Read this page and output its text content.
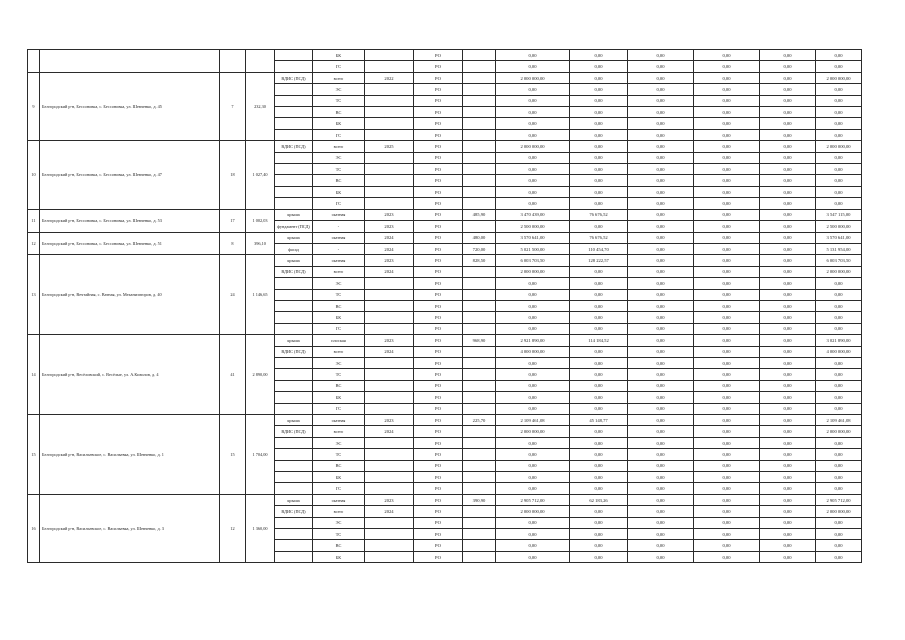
					БК		РО		0,00	0,00	0,00	0,00	0,00	0,00
					ГС		РО		0,00	0,00	0,00	0,00	0,00	0,00
9	Белгородский р-н, Бессоновка, с. Бессоновка, ул. Шевченко, д. 45	7	232,30	ВДИС (ПСД)	всего	2022	РО		2 000 000,00	0,00	0,00	0,00	0,00	2 000 000,00
					ЭС		РО		0,00	0,00	0,00	0,00	0,00	0,00
					ТС		РО		0,00	0,00	0,00	0,00	0,00	0,00
					ВС		РО		0,00	0,00	0,00	0,00	0,00	0,00
					БК		РО		0,00	0,00	0,00	0,00	0,00	0,00
					ГС		РО		0,00	0,00	0,00	0,00	0,00	0,00
10	Белгородский р-н, Бессоновка, с. Бессоновка, ул. Шевченко, д. 47	18	1 027,40	ВДИС (ПСД)	всего	2025	РО		2 000 000,00	0,00	0,00	0,00	0,00	2 000 000,00
					ЭС		РО		0,00	0,00	0,00	0,00	0,00	0,00
					ТС		РО		0,00	0,00	0,00	0,00	0,00	0,00
					ВС		РО		0,00	0,00	0,00	0,00	0,00	0,00
					БК		РО		0,00	0,00	0,00	0,00	0,00	0,00
					ГС		РО		0,00	0,00	0,00	0,00	0,00	0,00
11	Белгородский р-н, Бессоновка, с. Бессоновка, ул. Шевченко, д. 53	17	1 002,03	крыша	скатная	2023	РО	485,90	3 470 439,00	76 676,52	0,00	0,00	0,00	3 547 115,00
				фундамент (ПСД)	-	2023	РО		2 500 000,00	0,00	0,00	0,00	0,00	2 500 000,00
12	Белгородский р-н, Бессоновка, с. Бессоновка, ул. Шевченко, д. 51	8	396,10	крыша	скатная	2024	РО	480,00	3 570 641,00	76 676,52	0,00	0,00	0,00	3 570 641,00
				фасад	-	2024	РО	720,00	5 021 500,00	110 454,70	0,00	0,00	0,00	5 131 954,00
13	Белгородский р-н, Вечтайная, с. Ватная, ул. Механизаторов, д. 40	24	1 146,65	крыша	скатная	2023	РО	828,50	6 003 703,50	128 222,57	0,00	0,00	0,00	6 003 703,50
				ВДИС (ПСД)	всего	2024	РО		2 000 000,00	0,00	0,00	0,00	0,00	2 000 000,00
					ЭС		РО		0,00	0,00	0,00	0,00	0,00	0,00
					ТС		РО		0,00	0,00	0,00	0,00	0,00	0,00
					ВС		РО		0,00	0,00	0,00	0,00	0,00	0,00
					БК		РО		0,00	0,00	0,00	0,00	0,00	0,00
					ГС		РО		0,00	0,00	0,00	0,00	0,00	0,00
14	Белгородский р-н, Весёловский, с. Весёлые, ул. А.Кизилов, д. 4	41	2 890,00	крыша	плоская	2023	РО	968,90	2 921 890,00	114 184,52	0,00	0,00	0,00	3 021 890,00
				ВДИС (ПСД)	всего	2024	РО		4 000 000,00	0,00	0,00	0,00	0,00	4 000 000,00
					ЭС		РО		0,00	0,00	0,00	0,00	0,00	0,00
					ТС		РО		0,00	0,00	0,00	0,00	0,00	0,00
					ВС		РО		0,00	0,00	0,00	0,00	0,00	0,00
					БК		РО		0,00	0,00	0,00	0,00	0,00	0,00
					ГС		РО		0,00	0,00	0,00	0,00	0,00	0,00
15	Белгородский р-н, Васильевское, с. Васильевка, ул. Шевченко, д. 1	15	1 704,00	крыша	скатная	2023	РО	225,70	2 109 461,08	45 148,77	0,00	0,00	0,00	2 109 461,08
				ВДИС (ПСД)	всего	2024	РО		2 000 000,00	0,00	0,00	0,00	0,00	2 000 000,00
					ЭС		РО		0,00	0,00	0,00	0,00	0,00	0,00
					ТС		РО		0,00	0,00	0,00	0,00	0,00	0,00
					ВС		РО		0,00	0,00	0,00	0,00	0,00	0,00
					БК		РО		0,00	0,00	0,00	0,00	0,00	0,00
					ГС		РО		0,00	0,00	0,00	0,00	0,00	0,00
16	Белгородский р-н, Васильевское, с. Васильевка, ул. Шевченко, д. 3	12	1 360,00	крыша	скатная	2023	РО	390,90	2 905 712,00	62 183,26	0,00	0,00	0,00	2 905 712,00
				ВДИС (ПСД)	всего	2024	РО		2 000 000,00	0,00	0,00	0,00	0,00	2 000 000,00
					ЭС		РО		0,00	0,00	0,00	0,00	0,00	0,00
					ТС		РО		0,00	0,00	0,00	0,00	0,00	0,00
					ВС		РО		0,00	0,00	0,00	0,00	0,00	0,00
					БК		РО		0,00	0,00	0,00	0,00	0,00	0,00
